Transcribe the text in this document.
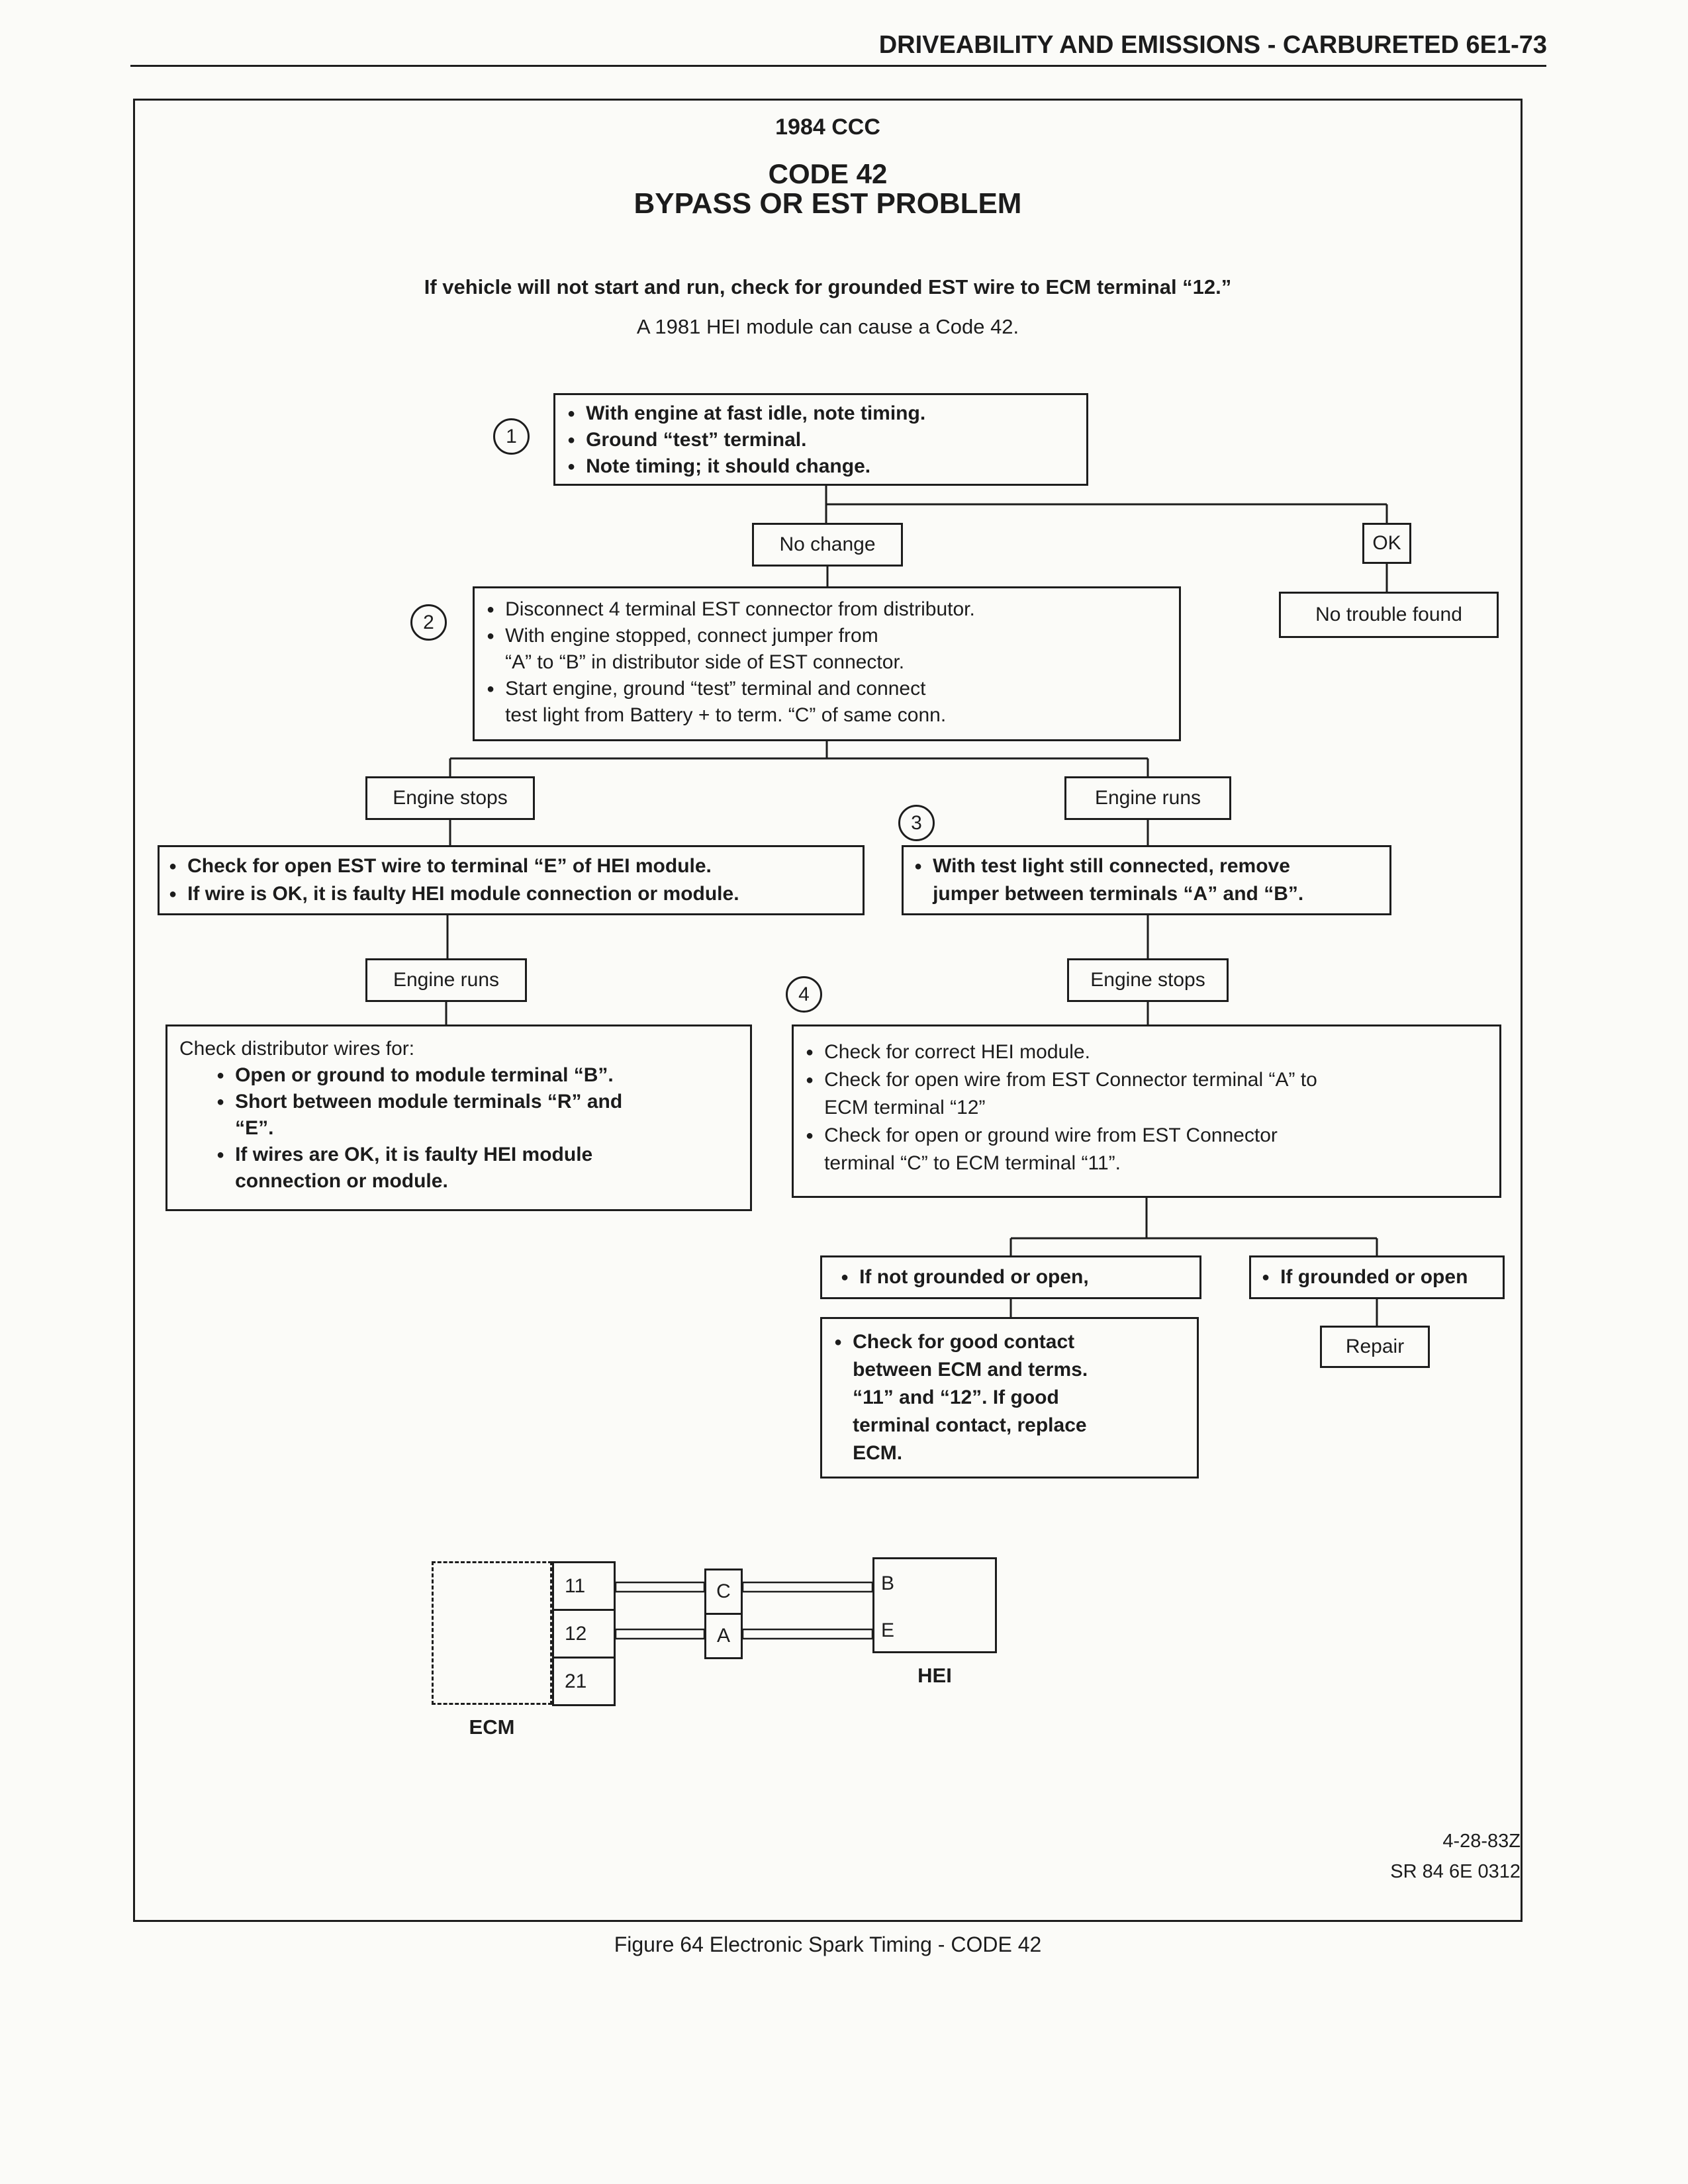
DRIVEABILITY AND EMISSIONS - CARBURETED 6E1-73
1984 CCC
CODE 42
BYPASS OR EST PROBLEM
If vehicle will not start and run, check for grounded EST wire to ECM terminal “12.”
A 1981 HEI module can cause a Code 42.
1
● With engine at fast idle, note timing.
● Ground “test” terminal.
● Note timing; it should change.
No change	OK
No trouble found
2
● Disconnect 4 terminal EST connector from distributor.
● With engine stopped, connect jumper from
“A” to “B” in distributor side of EST connector.
● Start engine, ground “test” terminal and connect
test light from Battery + to term. “C” of same conn.
Engine stops	Engine runs
● Check for open EST wire to terminal “E” of HEI module.
● If wire is OK, it is faulty HEI module connection or module.
3
● With test light still connected, remove
jumper between terminals “A” and “B”.
Engine runs	Engine stops
4
Check distributor wires for:
● Open or ground to module terminal “B”.
● Short between module terminals “R” and
“E”.
● If wires are OK, it is faulty HEI module
connection or module.
● Check for correct HEI module.
● Check for open wire from EST Connector terminal “A” to
ECM terminal “12”
● Check for open or ground wire from EST Connector
terminal “C” to ECM terminal “11”.
● If not grounded or open,	● If grounded or open
● Check for good contact
between ECM and terms.
“11” and “12”. If good
terminal contact, replace
ECM.
Repair
11
12
21
C
A
B
E
ECM
HEI
4-28-83Z
SR 84 6E 0312
Figure 64 Electronic Spark Timing - CODE 42
